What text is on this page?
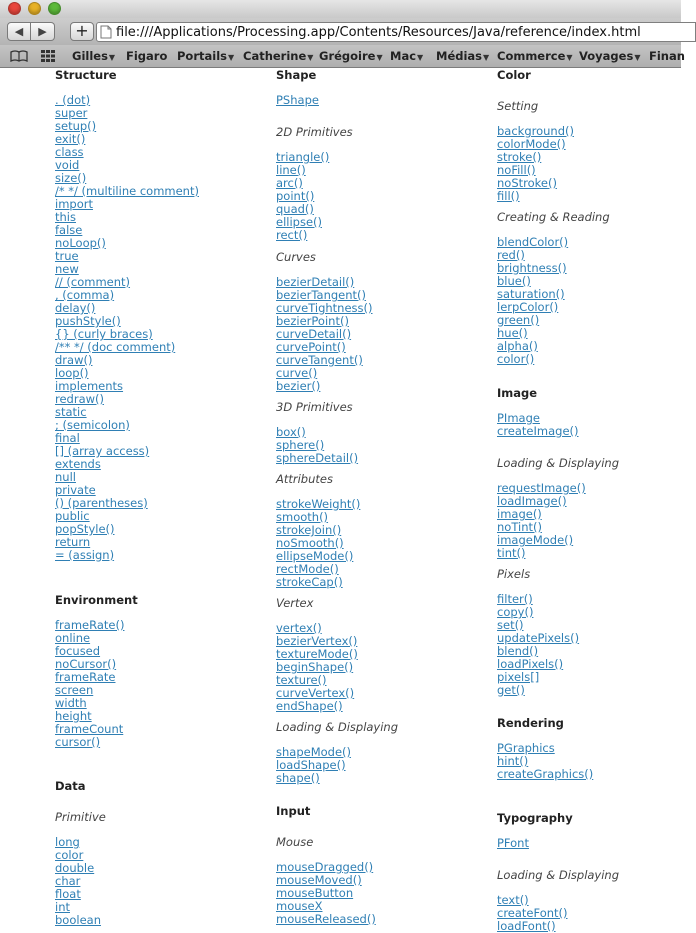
◀	▶	+	file:///Applications/Processing.app/Contents/Resources/Java/reference/index.html
Gilles▼ Figaro Portails▼ Catherine▼ Grégoire▼ Mac▼ Médias▼ Commerce▼ Voyages▼ Finan
Structure
. (dot)
super
setup()
exit()
class
void
size()
/* */ (multiline comment)
import
this
false
noLoop()
true
new
// (comment)
, (comma)
delay()
pushStyle()
{} (curly braces)
/** */ (doc comment)
draw()
loop()
implements
redraw()
static
; (semicolon)
final
[] (array access)
extends
null
private
() (parentheses)
public
popStyle()
return
= (assign)
Environment
frameRate()
online
focused
noCursor()
frameRate
screen
width
height
frameCount
cursor()
Data
Primitive
long
color
double
char
float
int
boolean
Shape
PShape
2D Primitives
triangle()
line()
arc()
point()
quad()
ellipse()
rect()
Curves
bezierDetail()
bezierTangent()
curveTightness()
bezierPoint()
curveDetail()
curvePoint()
curveTangent()
curve()
bezier()
3D Primitives
box()
sphere()
sphereDetail()
Attributes
strokeWeight()
smooth()
strokeJoin()
noSmooth()
ellipseMode()
rectMode()
strokeCap()
Vertex
vertex()
bezierVertex()
textureMode()
beginShape()
texture()
curveVertex()
endShape()
Loading & Displaying
shapeMode()
loadShape()
shape()
Input
Mouse
mouseDragged()
mouseMoved()
mouseButton
mouseX
mouseReleased()
Color
Setting
background()
colorMode()
stroke()
noFill()
noStroke()
fill()
Creating & Reading
blendColor()
red()
brightness()
blue()
saturation()
lerpColor()
green()
hue()
alpha()
color()
Image
PImage
createImage()
Loading & Displaying
requestImage()
loadImage()
image()
noTint()
imageMode()
tint()
Pixels
filter()
copy()
set()
updatePixels()
blend()
loadPixels()
pixels[]
get()
Rendering
PGraphics
hint()
createGraphics()
Typography
PFont
Loading & Displaying
text()
createFont()
loadFont()
